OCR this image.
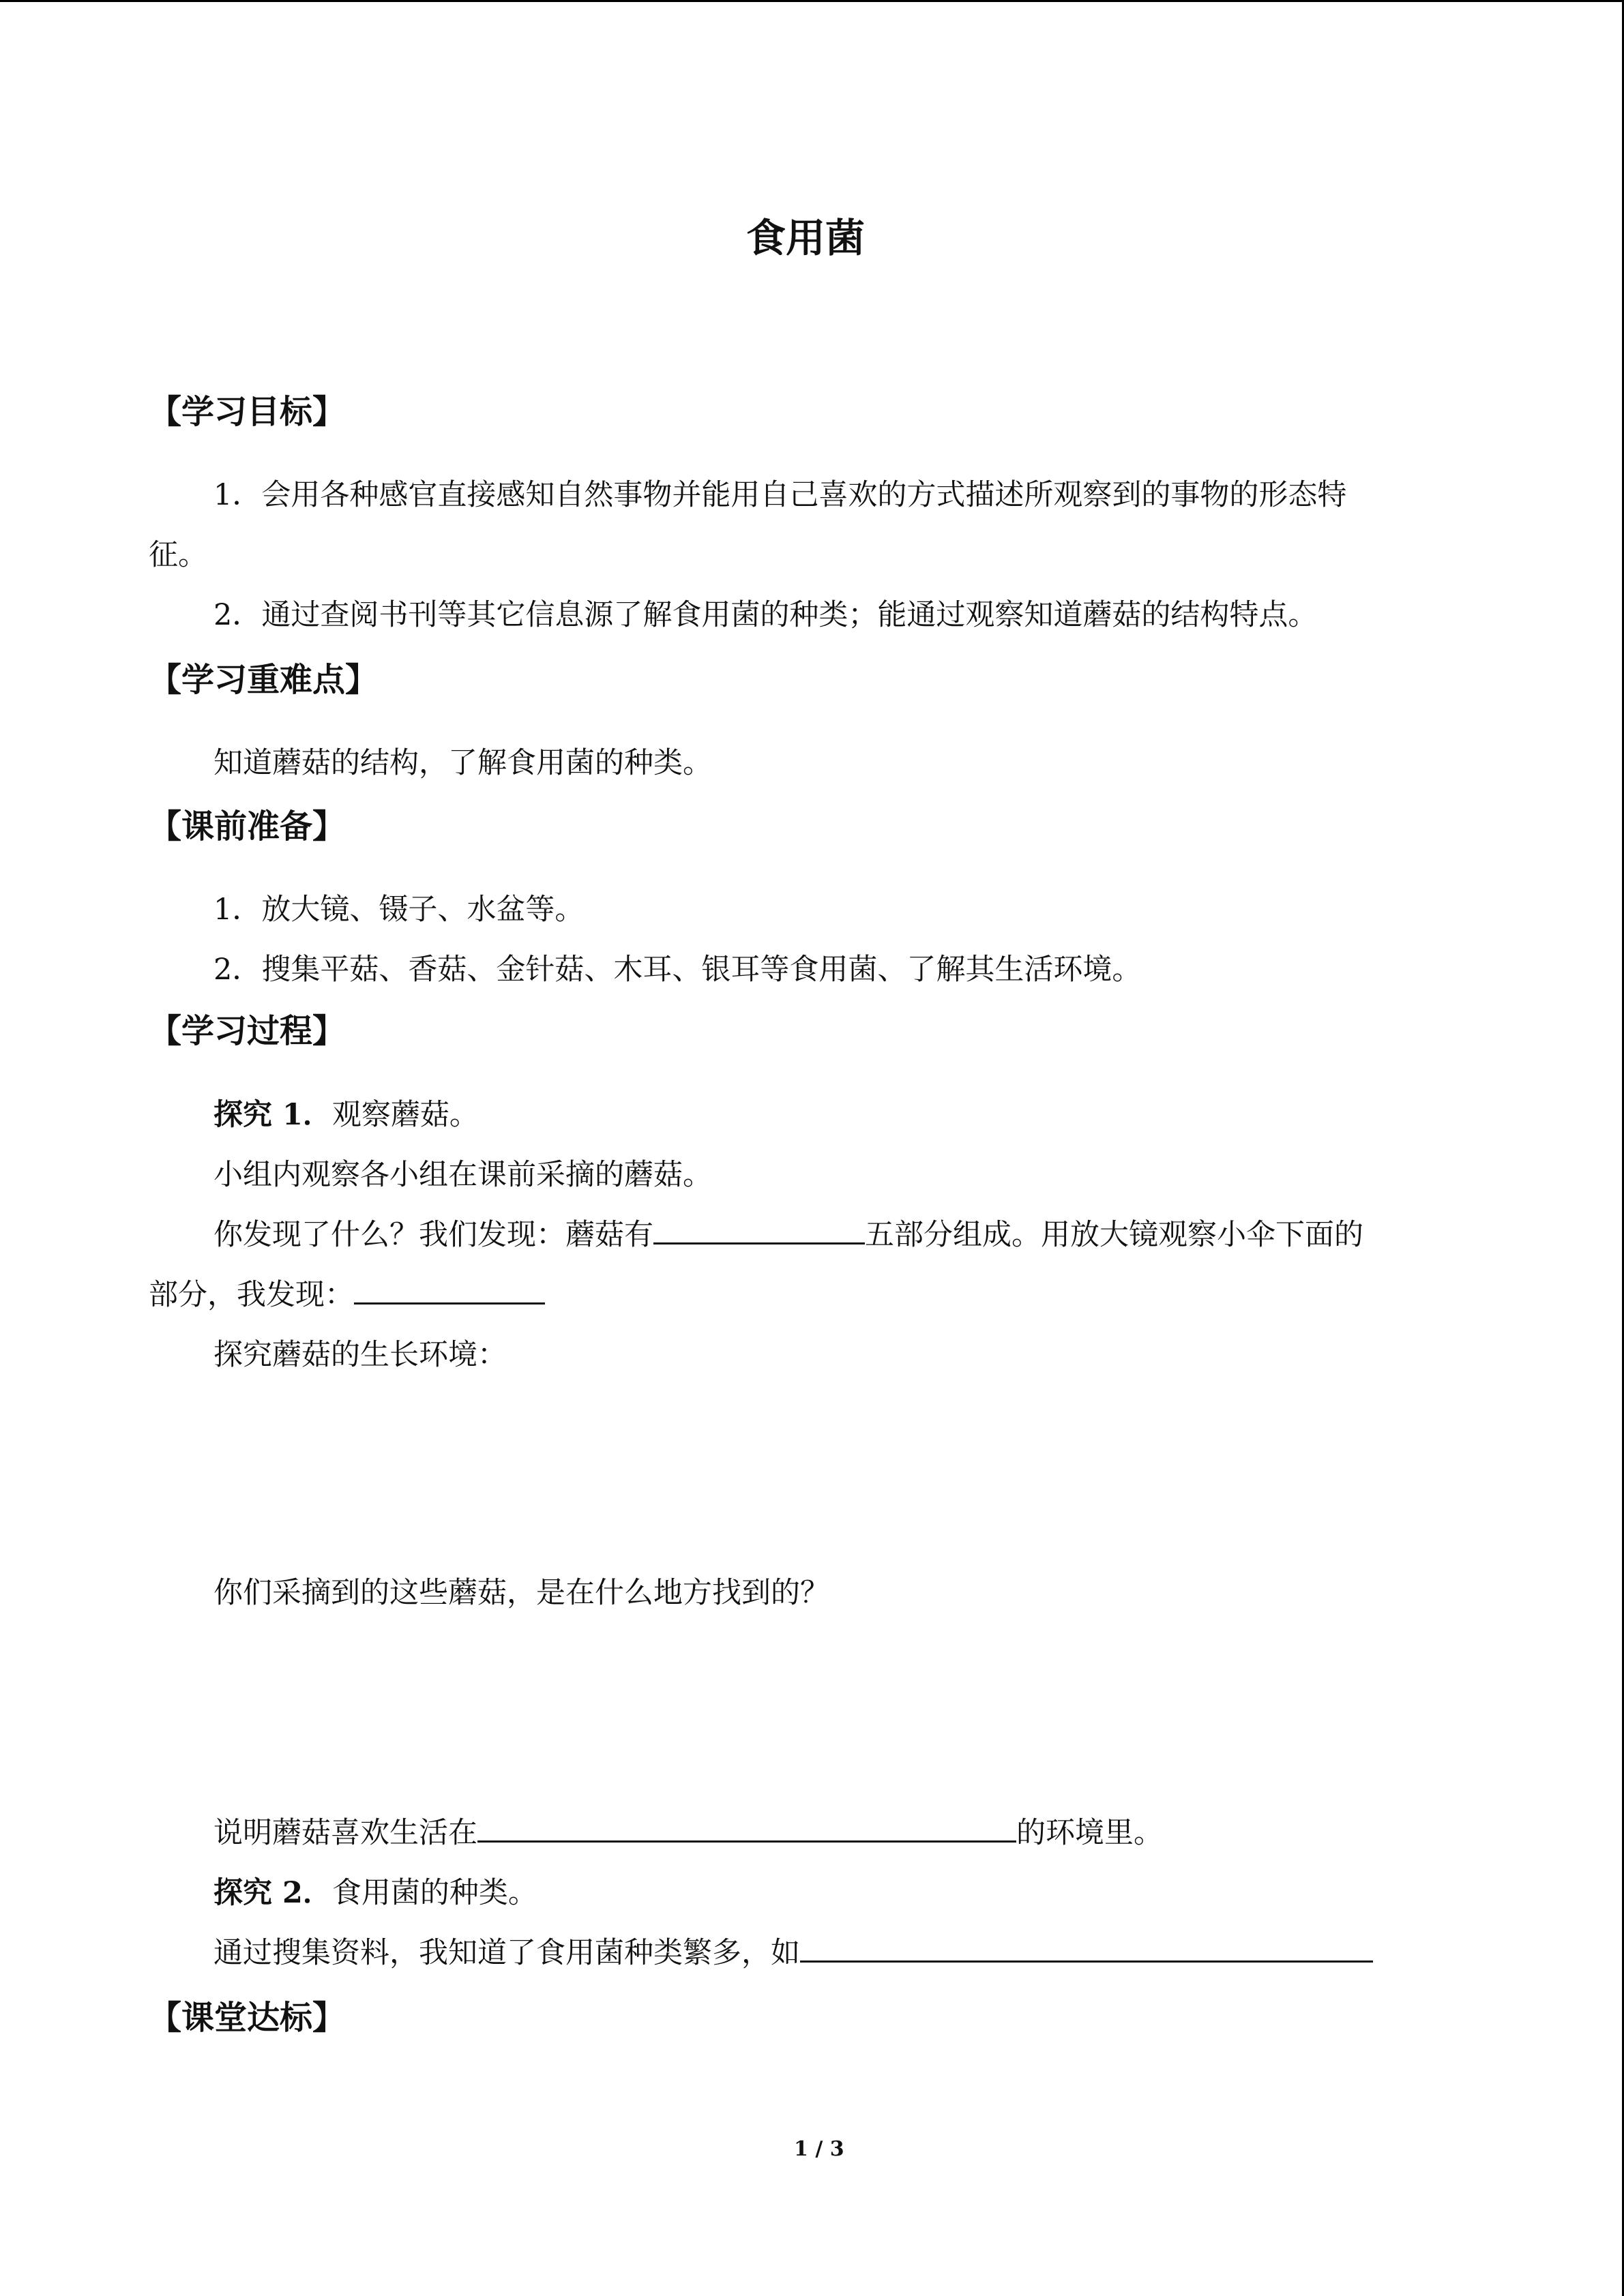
食用菌
【学习目标】
1．会用各种感官直接感知自然事物并能用自己喜欢的方式描述所观察到的事物的形态特
征。
2．通过查阅书刊等其它信息源了解食用菌的种类；能通过观察知道蘑菇的结构特点。
【学习重难点】
知道蘑菇的结构，了解食用菌的种类。
【课前准备】
1．放大镜、镊子、水盆等。
2．搜集平菇、香菇、金针菇、木耳、银耳等食用菌、了解其生活环境。
【学习过程】
探究 1．观察蘑菇。
小组内观察各小组在课前采摘的蘑菇。
你发现了什么？我们发现：蘑菇有	五部分组成。用放大镜观察小伞下面的
部分，我发现：
探究蘑菇的生长环境：
你们采摘到的这些蘑菇，是在什么地方找到的？
说明蘑菇喜欢生活在	的环境里。
探究 2．食用菌的种类。
通过搜集资料，我知道了食用菌种类繁多，如
【课堂达标】
1 / 3
